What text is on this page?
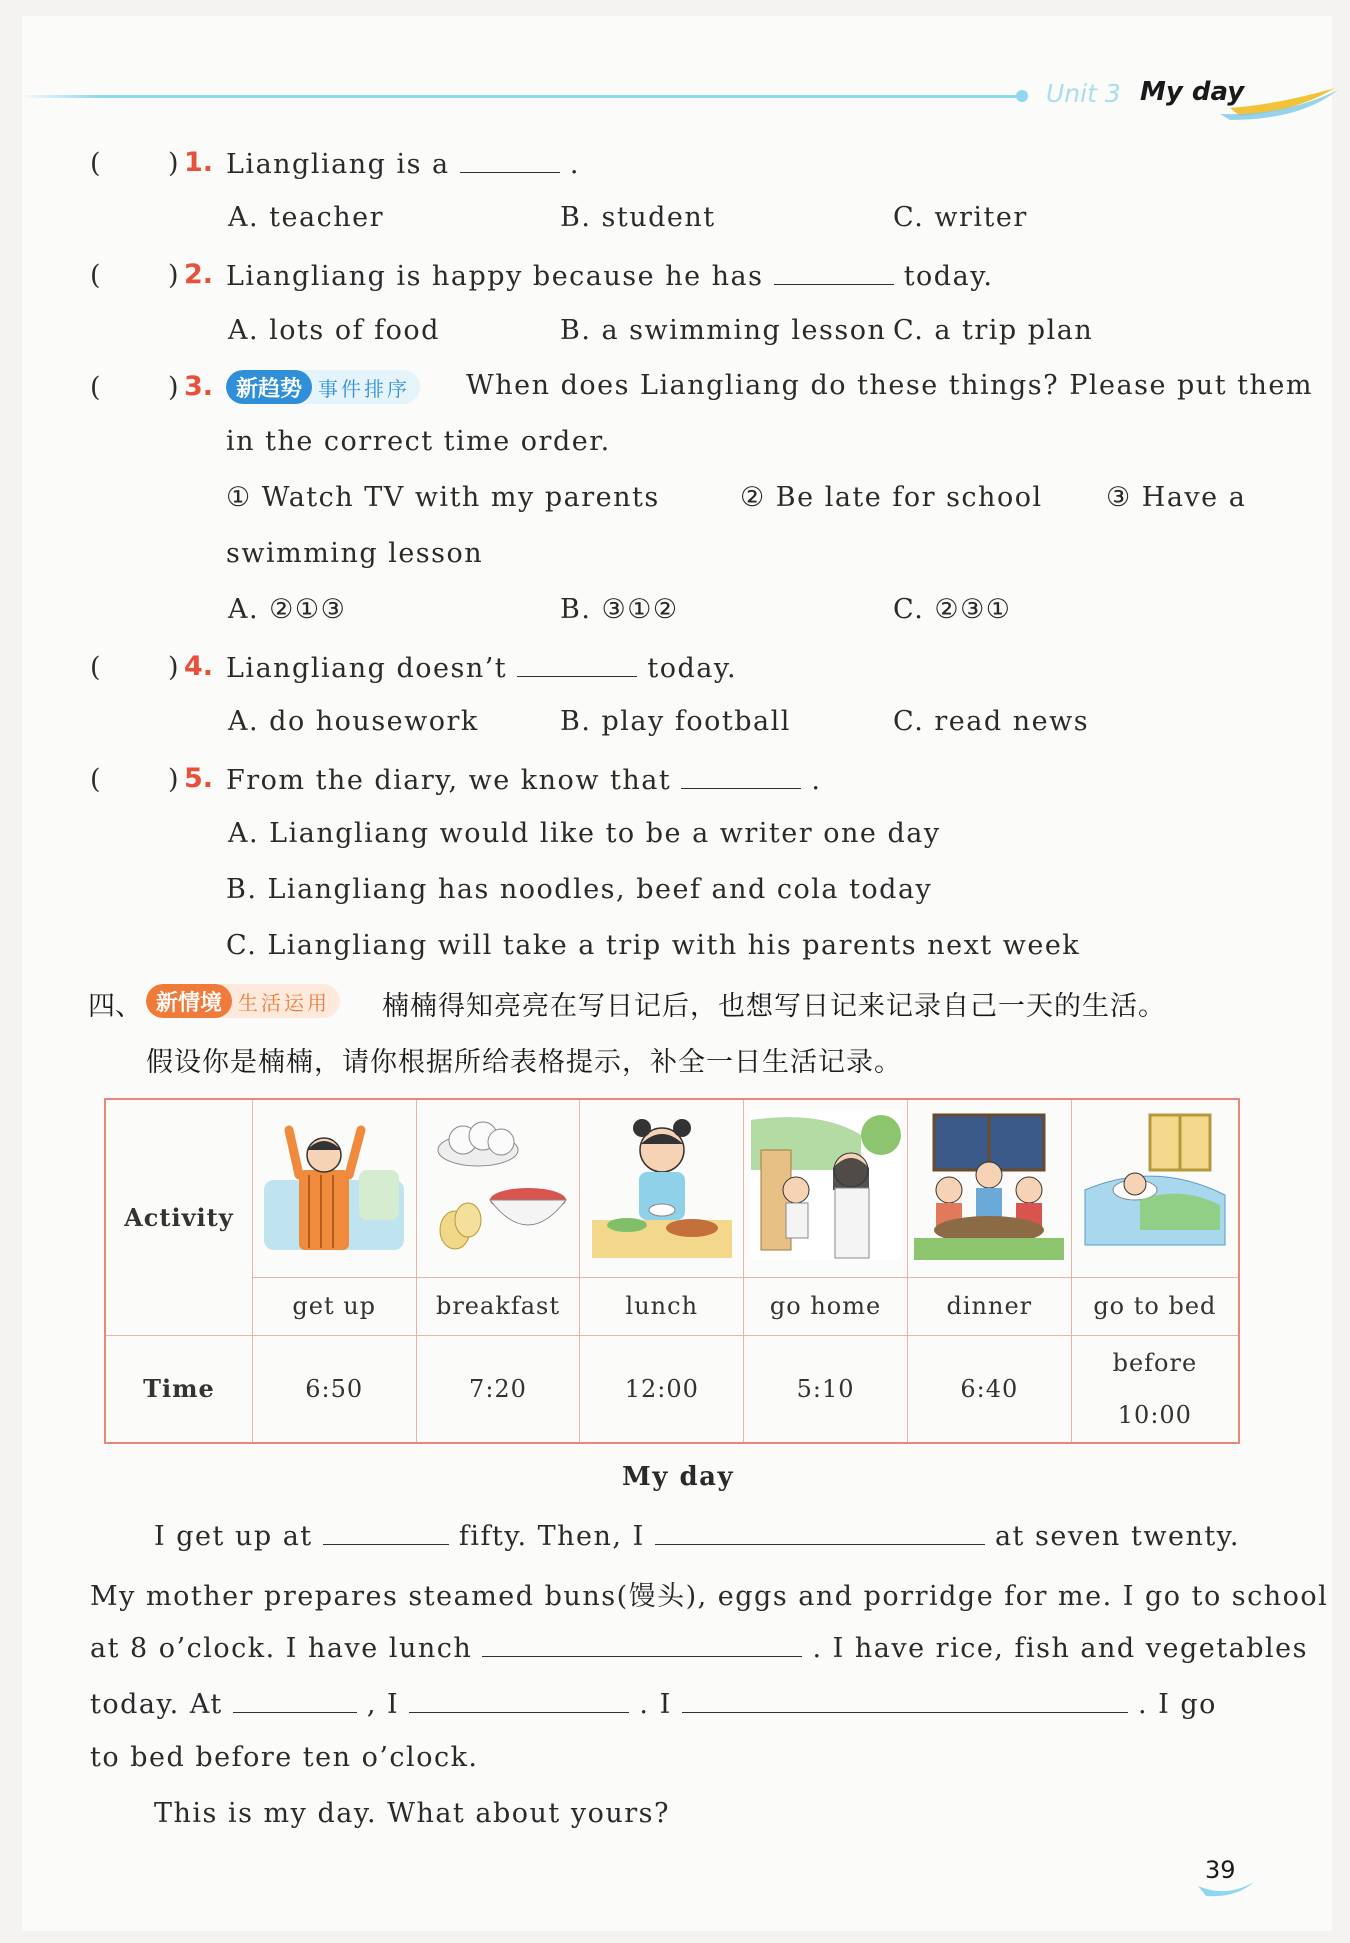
Unit 3 My day
( ) 1. Liangliang is a	.
A. teacher	B. student	C. writer
( ) 2. Liangliang is happy because he has	today.
A. lots of food	B. a swimming lesson C. a trip plan
( ) 3.	新趋势 事件排序	When does Liangliang do these things? Please put them
in the correct time order.
① Watch TV with my parents	② Be late for school ③ Have a
swimming lesson
A. ②①③	B. ③①②	C. ②③①
( ) 4. Liangliang doesn’t	today.
A. do housework	B. play football	C. read news
( ) 5. From the diary, we know that	.
A. Liangliang would like to be a writer one day
B. Liangliang has noodles, beef and cola today
C. Liangliang will take a trip with his parents next week
四、 新情境 生活运用	楠楠得知亮亮在写日记后，也想写日记来记录自己一天的生活。
假设你是楠楠，请你根据所给表格提示，补全一日生活记录。
Activity						
	get up	breakfast	lunch	go home	dinner	go to bed
Time	6:50	7:20	12:00	5:10	6:40	before
10:00
My day
I get up at	fifty. Then, I	at seven twenty.
My mother prepares steamed buns(馒头), eggs and porridge for me. I go to school
at 8 o’clock. I have lunch	. I have rice, fish and vegetables
today. At	, I	. I	. I go
to bed before ten o’clock.
This is my day. What about yours?
39
